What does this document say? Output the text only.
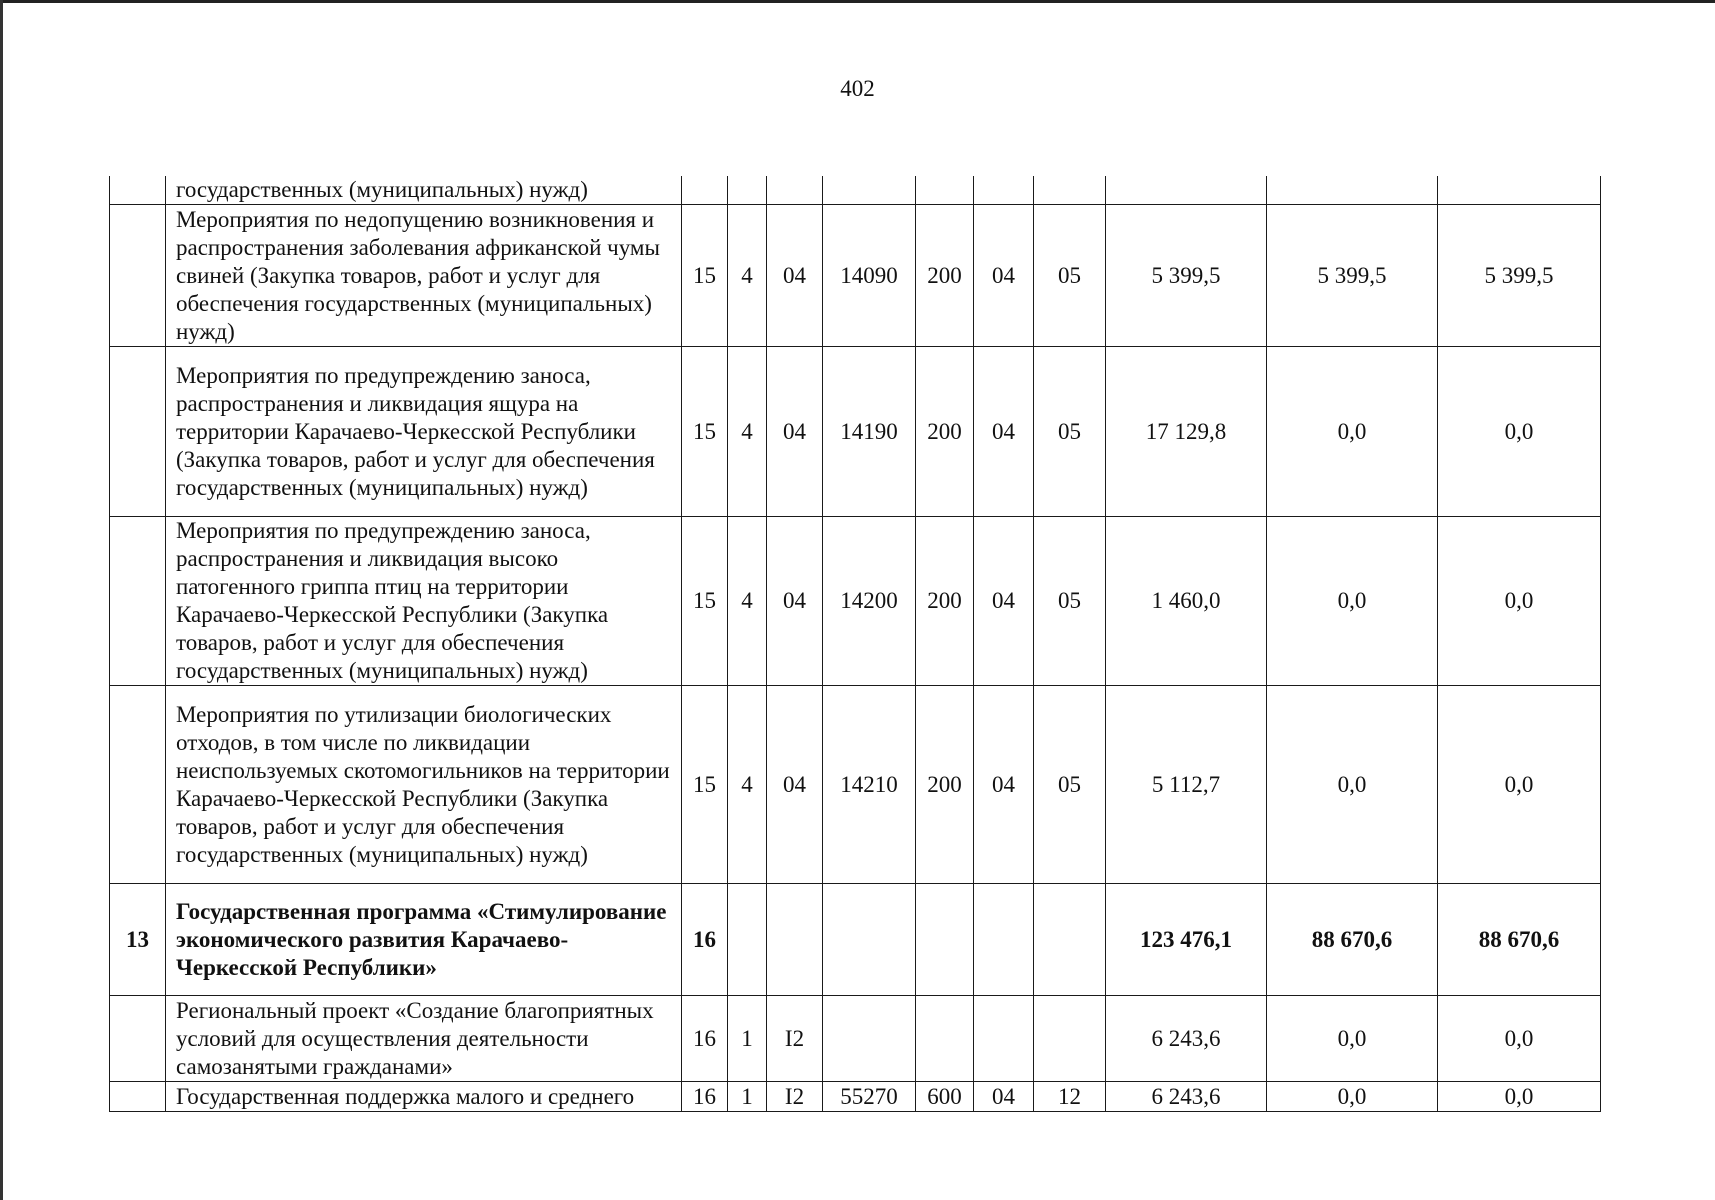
402
	государственных (муниципальных) нужд)										
	Мероприятия по недопущению возникновения и распространения заболевания африканской чумы свиней (Закупка товаров, работ и услуг для обеспечения государственных (муниципальных) нужд)	15	4	04	14090	200	04	05	5 399,5	5 399,5	5 399,5
	Мероприятия по предупреждению заноса, распространения и ликвидация ящура на территории Карачаево-Черкесской Республики (Закупка товаров, работ и услуг для обеспечения государственных (муниципальных) нужд)	15	4	04	14190	200	04	05	17 129,8	0,0	0,0
	Мероприятия по предупреждению заноса, распространения и ликвидация высоко патогенного гриппа птиц на территории Карачаево-Черкесской Республики (Закупка товаров, работ и услуг для обеспечения государственных (муниципальных) нужд)	15	4	04	14200	200	04	05	1 460,0	0,0	0,0
	Мероприятия по утилизации биологических отходов, в том числе по ликвидации неиспользуемых скотомогильников на территории Карачаево-Черкесской Республики (Закупка товаров, работ и услуг для обеспечения государственных (муниципальных) нужд)	15	4	04	14210	200	04	05	5 112,7	0,0	0,0
13	Государственная программа «Стимулирование экономического развития Карачаево-Черкесской Республики»	16							123 476,1	88 670,6	88 670,6
	Региональный проект «Создание благоприятных условий для осуществления деятельности самозанятыми гражданами»	16	1	I2					6 243,6	0,0	0,0
	Государственная поддержка малого и среднего	16	1	I2	55270	600	04	12	6 243,6	0,0	0,0
